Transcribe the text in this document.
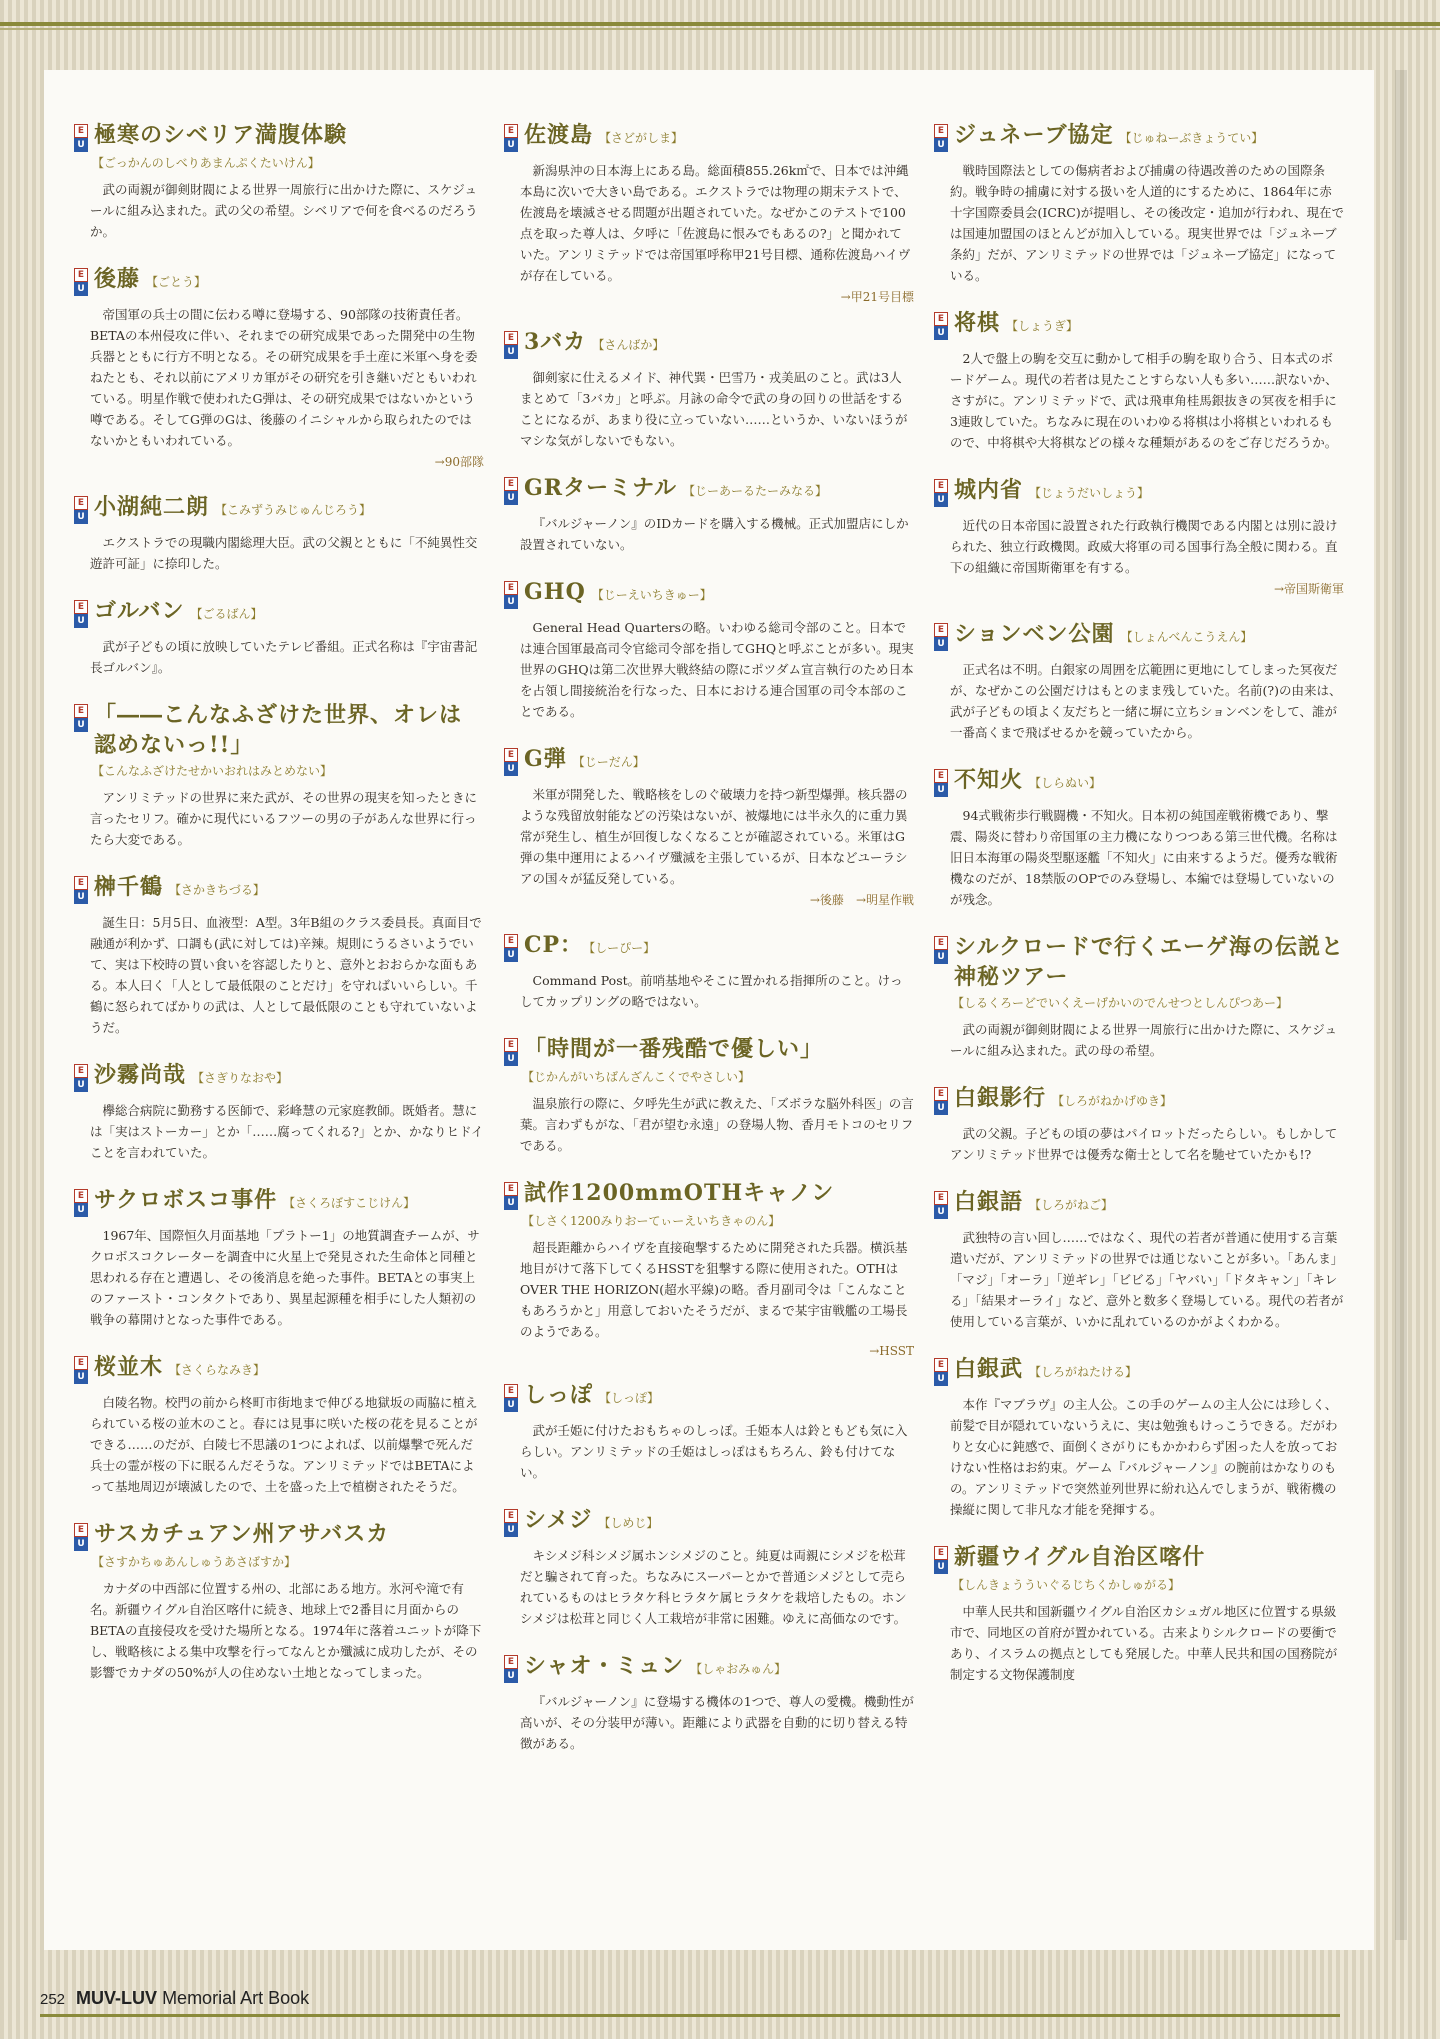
E
U 極寒のシベリア満腹体験
【ごっかんのしべりあまんぷくたいけん】
武の両親が御剣財閥による世界一周旅行に出かけた際に、スケジュールに組み込まれた。武の父の希望。シベリアで何を食べるのだろうか。
E
U 後藤 【ごとう】
帝国軍の兵士の間に伝わる噂に登場する、90部隊の技術責任者。BETAの本州侵攻に伴い、それまでの研究成果であった開発中の生物兵器とともに行方不明となる。その研究成果を手土産に米軍へ身を委ねたとも、それ以前にアメリカ軍がその研究を引き継いだともいわれている。明星作戦で使われたG弾は、その研究成果ではないかという噂である。そしてG弾のGは、後藤のイニシャルから取られたのではないかともいわれている。
→90部隊
E
U 小湖純二朗 【こみずうみじゅんじろう】
エクストラでの現職内閣総理大臣。武の父親とともに「不純異性交遊許可証」に捺印した。
E
U ゴルバン 【ごるばん】
武が子どもの頃に放映していたテレビ番組。正式名称は『宇宙書記長ゴルバン』。
E
U 「――こんなふざけた世界、オレは認めないっ!!」
【こんなふざけたせかいおれはみとめない】
アンリミテッドの世界に来た武が、その世界の現実を知ったときに言ったセリフ。確かに現代にいるフツーの男の子があんな世界に行ったら大変である。
E
U 榊千鶴 【さかきちづる】
誕生日：5月5日、血液型：A型。3年B組のクラス委員長。真面目で融通が利かず、口調も(武に対しては)辛辣。規則にうるさいようでいて、実は下校時の買い食いを容認したりと、意外とおおらかな面もある。本人曰く「人として最低限のことだけ」を守ればいいらしい。千鶴に怒られてばかりの武は、人として最低限のことも守れていないようだ。
E
U 沙霧尚哉 【さぎりなおや】
欅総合病院に勤務する医師で、彩峰慧の元家庭教師。既婚者。慧には「実はストーカー」とか「……腐ってくれる?」とか、かなりヒドイことを言われていた。
E
U サクロボスコ事件 【さくろぼすこじけん】
1967年、国際恒久月面基地「プラトー1」の地質調査チームが、サクロボスコクレーターを調査中に火星上で発見された生命体と同種と思われる存在と遭遇し、その後消息を絶った事件。BETAとの事実上のファースト・コンタクトであり、異星起源種を相手にした人類初の戦争の幕開けとなった事件である。
E
U 桜並木 【さくらなみき】
白陵名物。校門の前から柊町市街地まで伸びる地獄坂の両脇に植えられている桜の並木のこと。春には見事に咲いた桜の花を見ることができる……のだが、白陵七不思議の1つによれば、以前爆撃で死んだ兵士の霊が桜の下に眠るんだそうな。アンリミテッドではBETAによって基地周辺が壊滅したので、土を盛った上で植樹されたそうだ。
E
U サスカチュアン州アサバスカ
【さすかちゅあんしゅうあさばすか】
カナダの中西部に位置する州の、北部にある地方。氷河や滝で有名。新疆ウイグル自治区喀什に続き、地球上で2番目に月面からのBETAの直接侵攻を受けた場所となる。1974年に落着ユニットが降下し、戦略核による集中攻撃を行ってなんとか殲滅に成功したが、その影響でカナダの50%が人の住めない土地となってしまった。
E
U 佐渡島 【さどがしま】
新潟県沖の日本海上にある島。総面積855.26k㎡で、日本では沖縄本島に次いで大きい島である。エクストラでは物理の期末テストで、佐渡島を壊滅させる問題が出題されていた。なぜかこのテストで100点を取った尊人は、夕呼に「佐渡島に恨みでもあるの?」と聞かれていた。アンリミテッドでは帝国軍呼称甲21号目標、通称佐渡島ハイヴが存在している。
→甲21号目標
E
U 3バカ 【さんばか】
御剣家に仕えるメイド、神代巽・巴雪乃・戎美凪のこと。武は3人まとめて「3バカ」と呼ぶ。月詠の命令で武の身の回りの世話をすることになるが、あまり役に立っていない……というか、いないほうがマシな気がしないでもない。
E
U GRターミナル 【じーあーるたーみなる】
『バルジャーノン』のIDカードを購入する機械。正式加盟店にしか設置されていない。
E
U GHQ 【じーえいちきゅー】
General Head Quartersの略。いわゆる総司令部のこと。日本では連合国軍最高司令官総司令部を指してGHQと呼ぶことが多い。現実世界のGHQは第二次世界大戦終結の際にポツダム宣言執行のため日本を占領し間接統治を行なった、日本における連合国軍の司令本部のことである。
E
U G弾 【じーだん】
米軍が開発した、戦略核をしのぐ破壊力を持つ新型爆弾。核兵器のような残留放射能などの汚染はないが、被爆地には半永久的に重力異常が発生し、植生が回復しなくなることが確認されている。米軍はG弾の集中運用によるハイヴ殲滅を主張しているが、日本などユーラシアの国々が猛反発している。
→後藤 →明星作戦
E
U CP： 【しーぴー】
Command Post。前哨基地やそこに置かれる指揮所のこと。けっしてカップリングの略ではない。
E
U 「時間が一番残酷で優しい」
【じかんがいちばんざんこくでやさしい】
温泉旅行の際に、夕呼先生が武に教えた、「ズボラな脳外科医」の言葉。言わずもがな、「君が望む永遠」の登場人物、香月モトコのセリフである。
E
U 試作1200mmOTHキャノン
【しさく1200みりおーてぃーえいちきゃのん】
超長距離からハイヴを直接砲撃するために開発された兵器。横浜基地目がけて落下してくるHSSTを狙撃する際に使用された。OTHはOVER THE HORIZON(超水平線)の略。香月副司令は「こんなこともあろうかと」用意しておいたそうだが、まるで某宇宙戦艦の工場長のようである。
→HSST
E
U しっぽ 【しっぽ】
武が壬姫に付けたおもちゃのしっぽ。壬姫本人は鈴ともども気に入らしい。アンリミテッドの壬姫はしっぽはもちろん、鈴も付けてない。
E
U シメジ 【しめじ】
キシメジ科シメジ属ホンシメジのこと。純夏は両親にシメジを松茸だと騙されて育った。ちなみにスーパーとかで普通シメジとして売られているものはヒラタケ科ヒラタケ属ヒラタケを栽培したもの。ホンシメジは松茸と同じく人工栽培が非常に困難。ゆえに高価なのです。
E
U シャオ・ミュン 【しゃおみゅん】
『バルジャーノン』に登場する機体の1つで、尊人の愛機。機動性が高いが、その分装甲が薄い。距離により武器を自動的に切り替える特徴がある。
E
U ジュネーブ協定 【じゅねーぶきょうてい】
戦時国際法としての傷病者および捕虜の待遇改善のための国際条約。戦争時の捕虜に対する扱いを人道的にするために、1864年に赤十字国際委員会(ICRC)が提唱し、その後改定・追加が行われ、現在では国連加盟国のほとんどが加入している。現実世界では「ジュネーブ条約」だが、アンリミテッドの世界では「ジュネーブ協定」になっている。
E
U 将棋 【しょうぎ】
2人で盤上の駒を交互に動かして相手の駒を取り合う、日本式のボードゲーム。現代の若者は見たことすらない人も多い……訳ないか、さすがに。アンリミテッドで、武は飛車角桂馬銀抜きの冥夜を相手に3連敗していた。ちなみに現在のいわゆる将棋は小将棋といわれるもので、中将棋や大将棋などの様々な種類があるのをご存じだろうか。
E
U 城内省 【じょうだいしょう】
近代の日本帝国に設置された行政執行機関である内閣とは別に設けられた、独立行政機関。政威大将軍の司る国事行為全般に関わる。直下の組織に帝国斯衛軍を有する。
→帝国斯衛軍
E
U ションベン公園 【しょんべんこうえん】
正式名は不明。白銀家の周囲を広範囲に更地にしてしまった冥夜だが、なぜかこの公園だけはもとのまま残していた。名前(?)の由来は、武が子どもの頃よく友だちと一緒に塀に立ちションベンをして、誰が一番高くまで飛ばせるかを競っていたから。
E
U 不知火 【しらぬい】
94式戦術歩行戦闘機・不知火。日本初の純国産戦術機であり、撃震、陽炎に替わり帝国軍の主力機になりつつある第三世代機。名称は旧日本海軍の陽炎型駆逐艦「不知火」に由来するようだ。優秀な戦術機なのだが、18禁版のOPでのみ登場し、本編では登場していないのが残念。
E
U シルクロードで行くエーゲ海の伝説と神秘ツアー
【しるくろーどでいくえーげかいのでんせつとしんぴつあー】
武の両親が御剣財閥による世界一周旅行に出かけた際に、スケジュールに組み込まれた。武の母の希望。
E
U 白銀影行 【しろがねかげゆき】
武の父親。子どもの頃の夢はパイロットだったらしい。もしかしてアンリミテッド世界では優秀な衛士として名を馳せていたかも!?
E
U 白銀語 【しろがねご】
武独特の言い回し……ではなく、現代の若者が普通に使用する言葉遣いだが、アンリミテッドの世界では通じないことが多い。「あんま」「マジ」「オーラ」「逆ギレ」「ビビる」「ヤバい」「ドタキャン」「キレる」「結果オーライ」など、意外と数多く登場している。現代の若者が使用している言葉が、いかに乱れているのかがよくわかる。
E
U 白銀武 【しろがねたける】
本作『マブラヴ』の主人公。この手のゲームの主人公には珍しく、前髪で目が隠れていないうえに、実は勉強もけっこうできる。だがわりと女心に鈍感で、面倒くさがりにもかかわらず困った人を放っておけない性格はお約束。ゲーム『バルジャーノン』の腕前はかなりのもの。アンリミテッドで突然並列世界に紛れ込んでしまうが、戦術機の操縦に関して非凡な才能を発揮する。
E
U 新疆ウイグル自治区喀什
【しんきょうういぐるじちくかしゅがる】
中華人民共和国新疆ウイグル自治区カシュガル地区に位置する県級市で、同地区の首府が置かれている。古来よりシルクロードの要衝であり、イスラムの拠点としても発展した。中華人民共和国の国務院が制定する文物保護制度
252 MUV-LUV Memorial Art Book
